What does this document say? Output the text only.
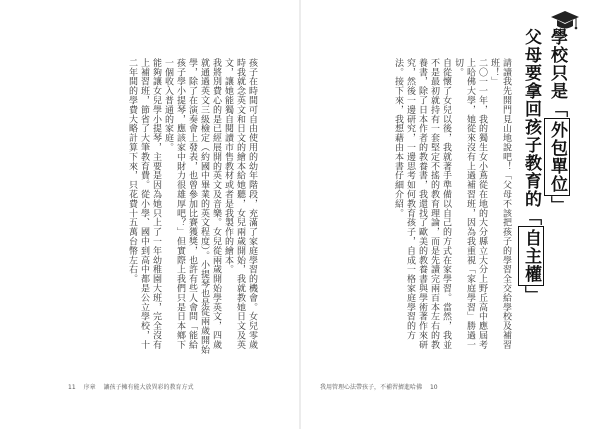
孩子在時間可自由使用的幼年階段，充滿了家庭學習的機會。女兒零歲時我就念英文和日文的繪本給她聽，女兒兩歲開始，我就教她日文及英文，讓她能獨自閱讀市售教材或者是我製作的繪本。

我將別費心的是已經展開的英文及音樂。女兒從兩歲開始學英文，四歲就通過英文三級檢定（約國中畢業的英文程度）。小提琴也是從兩歲開始學，除了在演奏會上發表，也曾參加比賽獲獎，也許有些人會問「能給孩子學小提琴，應該家中財力很雄厚吧？」但實際上我們只是日本鄉下一個收入普通的家庭。

能夠讓女兒學小提琴，主要是因為她只上了一年幼稚園大班，完全沒有上補習班，節省了大筆教育費。從小學、國中到高中都是公立學校，十二年間的學費大略計算下來，只花費十五萬台幣左右。

11 序章 讓孩子擁有能大放異彩的教育方式

請讀我先開門見山地說吧！「父母不該把孩子的學習全交給學校及補習班！」

二〇一一年，我的獨生女小蔦從在地的大分縣立大分上野丘高中應屆考上哈佛大學，她從來沒有上過補習班，因為我重視「家庭學習」勝過一切。

自從懷了女兒以後，我就著手準備以自己的方式在家學習。當然，我並不是最初就持有一套堅定不搖的教育理論，而是先讀完兩百本左右的教養書，除了日本作者的教養書，我還找了歐美的教養書與學術著作來研究，然後一邊研究，一邊思考如何教育孩子，自成一格家庭學習的方法。接下來，我想藉由本書仔細介紹。	學校只是「外包單位」
父母要拿回孩子教育的「自主權」
我用管理心法帶孩子，不補習擠進哈佛 10
